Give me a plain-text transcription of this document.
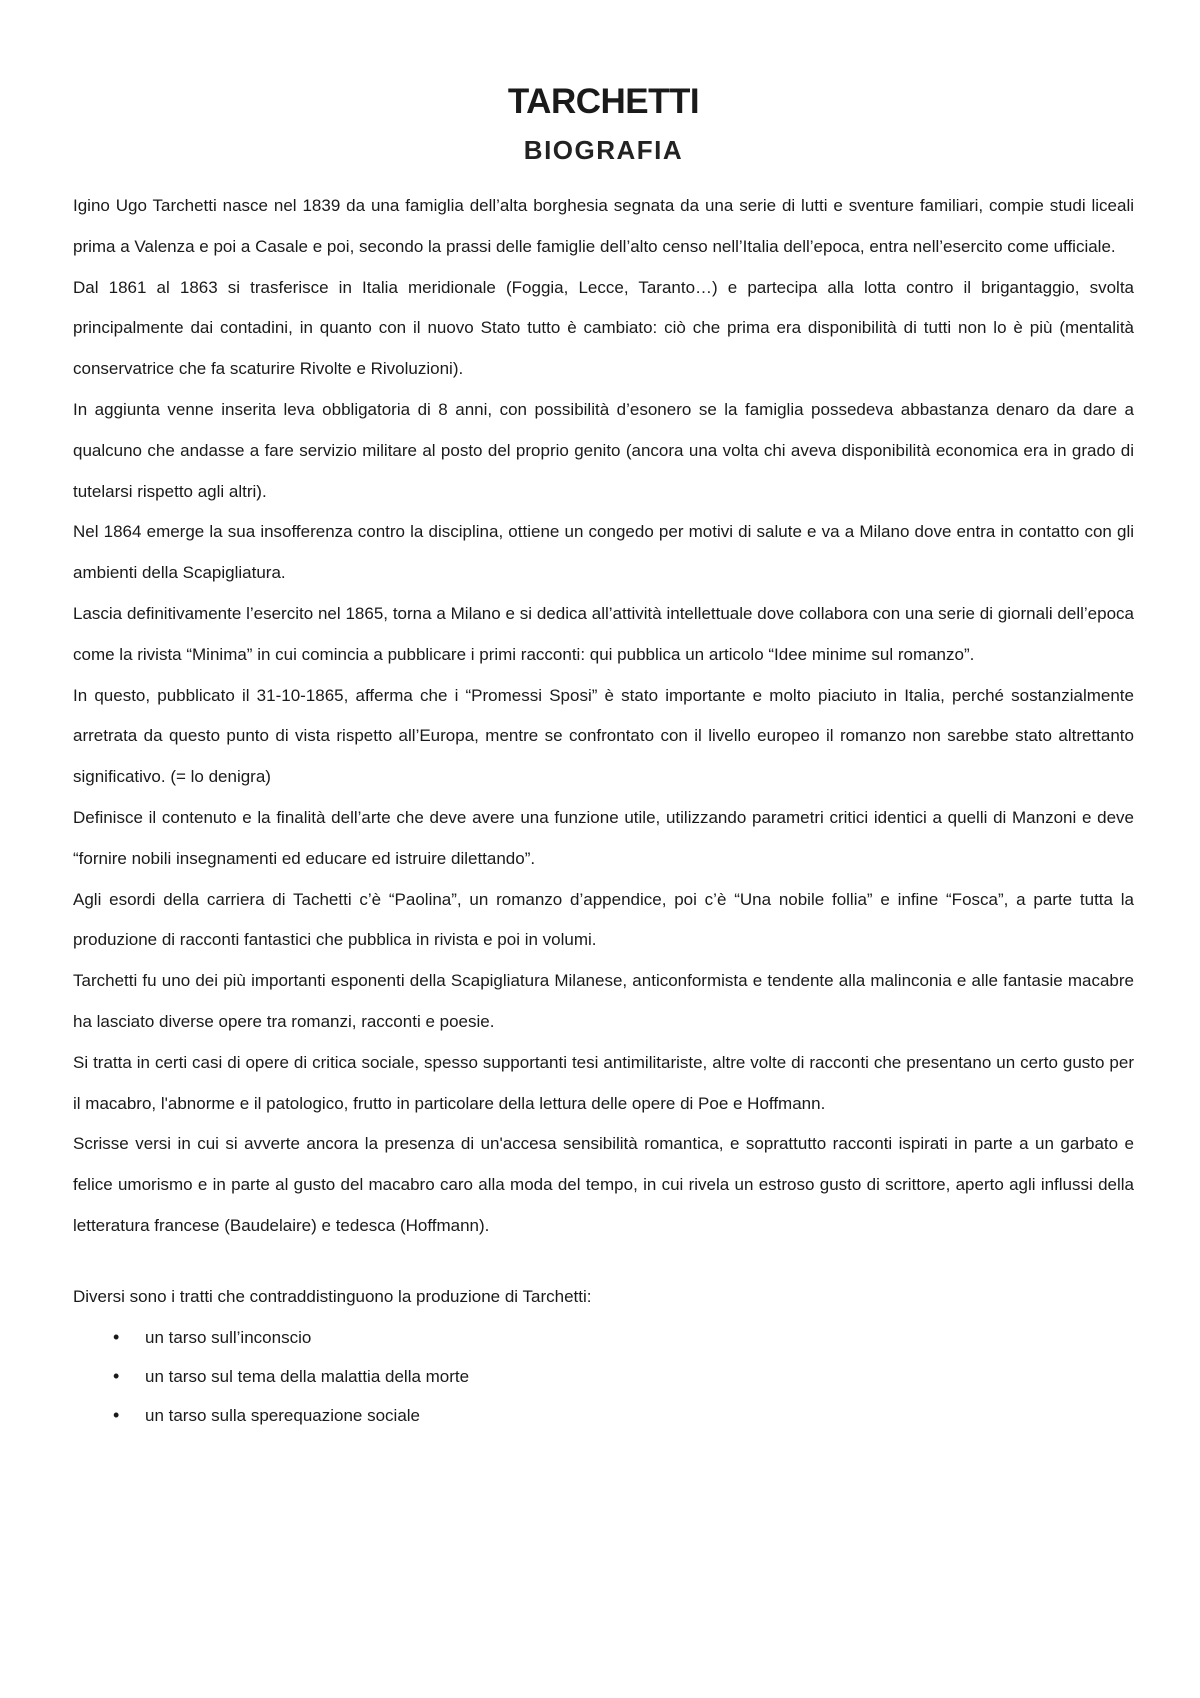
TARCHETTI
BIOGRAFIA

Igino Ugo Tarchetti nasce nel 1839 da una famiglia dell’alta borghesia segnata da una serie di lutti e sventure familiari, compie studi liceali prima a Valenza e poi a Casale e poi, secondo la prassi delle famiglie dell’alto censo nell’Italia dell’epoca, entra nell’esercito come ufficiale.

Dal 1861 al 1863 si trasferisce in Italia meridionale (Foggia, Lecce, Taranto…) e partecipa alla lotta contro il brigantaggio, svolta principalmente dai contadini, in quanto con il nuovo Stato tutto è cambiato: ciò che prima era disponibilità di tutti non lo è più (mentalità conservatrice che fa scaturire Rivolte e Rivoluzioni).

In aggiunta venne inserita leva obbligatoria di 8 anni, con possibilità d’esonero se la famiglia possedeva abbastanza denaro da dare a qualcuno che andasse a fare servizio militare al posto del proprio genito (ancora una volta chi aveva disponibilità economica era in grado di tutelarsi rispetto agli altri).

Nel 1864 emerge la sua insofferenza contro la disciplina, ottiene un congedo per motivi di salute e va a Milano dove entra in contatto con gli ambienti della Scapigliatura.

Lascia definitivamente l’esercito nel 1865, torna a Milano e si dedica all’attività intellettuale dove collabora con una serie di giornali dell’epoca come la rivista “Minima” in cui comincia a pubblicare i primi racconti: qui pubblica un articolo “Idee minime sul romanzo”.

In questo, pubblicato il 31-10-1865, afferma che i “Promessi Sposi” è stato importante e molto piaciuto in Italia, perché sostanzialmente arretrata da questo punto di vista rispetto all’Europa, mentre se confrontato con il livello europeo il romanzo non sarebbe stato altrettanto significativo. (= lo denigra)

Definisce il contenuto e la finalità dell’arte che deve avere una funzione utile, utilizzando parametri critici identici a quelli di Manzoni e deve “fornire nobili insegnamenti ed educare ed istruire dilettando”.

Agli esordi della carriera di Tachetti c’è “Paolina”, un romanzo d’appendice, poi c’è “Una nobile follia” e infine “Fosca”, a parte tutta la produzione di racconti fantastici che pubblica in rivista e poi in volumi.

Tarchetti fu uno dei più importanti esponenti della Scapigliatura Milanese, anticonformista e tendente alla malinconia e alle fantasie macabre ha lasciato diverse opere tra romanzi, racconti e poesie.

Si tratta in certi casi di opere di critica sociale, spesso supportanti tesi antimilitariste, altre volte di racconti che presentano un certo gusto per il macabro, l'abnorme e il patologico, frutto in particolare della lettura delle opere di Poe e Hoffmann.

Scrisse versi in cui si avverte ancora la presenza di un'accesa sensibilità romantica, e soprattutto racconti ispirati in parte a un garbato e felice umorismo e in parte al gusto del macabro caro alla moda del tempo, in cui rivela un estroso gusto di scrittore, aperto agli influssi della letteratura francese (Baudelaire) e tedesca (Hoffmann).

Diversi sono i tratti che contraddistinguono la produzione di Tarchetti:

• un tarso sull’inconscio
• un tarso sul tema della malattia della morte
• un tarso sulla sperequazione sociale
